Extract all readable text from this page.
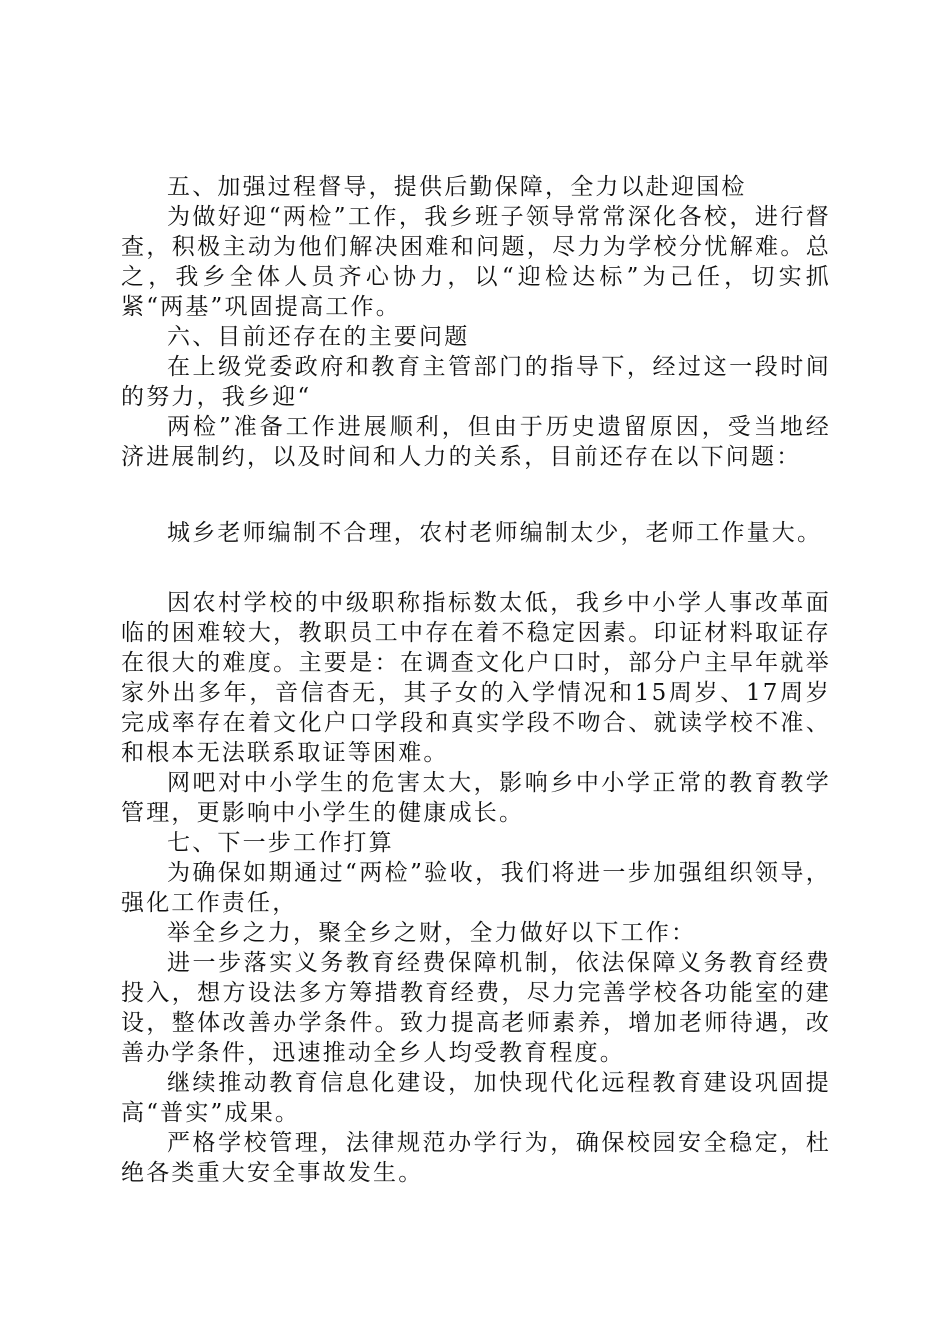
五、加强过程督导，提供后勤保障，全力以赴迎国检

为做好迎“两检”工作，我乡班子领导常常深化各校，进行督查，积极主动为他们解决困难和问题，尽力为学校分忧解难。总之，我乡全体人员齐心协力，以“迎检达标”为己任，切实抓紧“两基”巩固提高工作。

六、目前还存在的主要问题

在上级党委政府和教育主管部门的指导下，经过这一段时间的努力，我乡迎“

两检”准备工作进展顺利，但由于历史遗留原因，受当地经济进展制约，以及时间和人力的关系，目前还存在以下问题：

城乡老师编制不合理，农村老师编制太少，老师工作量大。

因农村学校的中级职称指标数太低，我乡中小学人事改革面临的困难较大，教职员工中存在着不稳定因素。印证材料取证存在很大的难度。主要是：在调查文化户口时，部分户主早年就举家外出多年，音信杳无，其子女的入学情况和15周岁、17周岁完成率存在着文化户口学段和真实学段不吻合、就读学校不准、和根本无法联系取证等困难。

网吧对中小学生的危害太大，影响乡中小学正常的教育教学管理，更影响中小学生的健康成长。

七、下一步工作打算

为确保如期通过“两检”验收，我们将进一步加强组织领导，强化工作责任，

举全乡之力，聚全乡之财，全力做好以下工作：

进一步落实义务教育经费保障机制，依法保障义务教育经费投入，想方设法多方筹措教育经费，尽力完善学校各功能室的建设，整体改善办学条件。致力提高老师素养，增加老师待遇，改善办学条件，迅速推动全乡人均受教育程度。

继续推动教育信息化建设，加快现代化远程教育建设巩固提高“普实”成果。

严格学校管理，法律规范办学行为，确保校园安全稳定，杜绝各类重大安全事故发生。
